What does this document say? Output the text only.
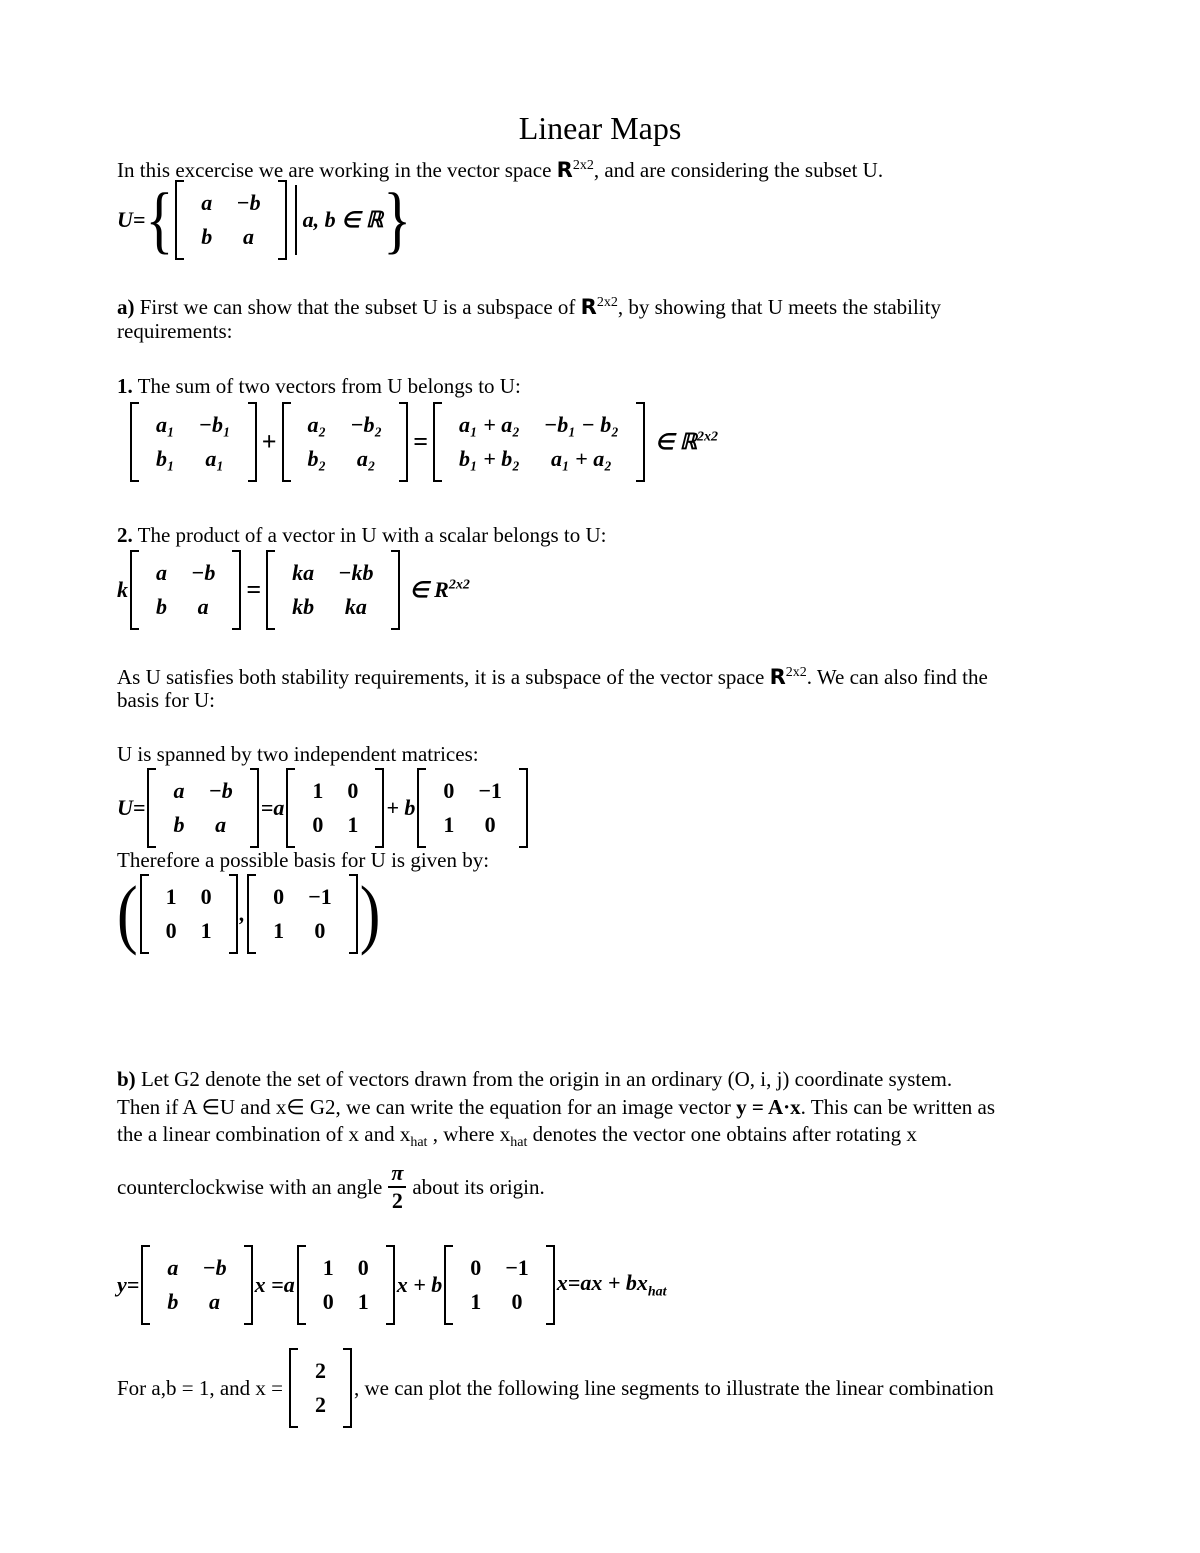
Linear Maps
In this excercise we are working in the vector space $R^{2x2}$, and are considering the subset U.
U= { a	−b
b	a
a, b ∈ ℝ }
a) First we can show that the subset U is a subspace of $R^{2x2}$, by showing that U meets the stability
requirements:
1. The sum of two vectors from U belongs to U:
a₁	−b₁
b₁	a₁
+
a₂	−b₂
b₂	a₂
=
a₁ + a₂	−b₁ − b₂
b₁ + b₂	a₁ + a₂
∈ ℝ$^{2x2}$
2. The product of a vector in U with a scalar belongs to U:
k
a	−b
b	a
=
ka	−kb
kb	ka
∈ $R^{2x2}$
As U satisfies both stability requirements, it is a subspace of the vector space $R^{2x2}$. We can also find the
basis for U:
U is spanned by two independent matrices:
U=
a	−b
b	a
=a
1	0
0	1
+ b
0	−1
1	0
Therefore a possible basis for U is given by:
( 1	0
0	1
,
0	−1
1	0 )
b) Let G2 denote the set of vectors drawn from the origin in an ordinary (O, i, j) coordinate system.
Then if A ∈U and x∈ G2, we can write the equation for an image vector y = A·x. This can be written as
the a linear combination of x and $x_{hat}$ , where $x_{hat}$ denotes the vector one obtains after rotating x
counterclockwise with an angle $\frac{\pi}{2}$ about its origin.
y=
a	−b
b	a
x =a
1	0
0	1
x + b
0	−1
1	0
$x=ax + bx_{hat}$
For a,b = 1, and x =
2
2
, we can plot the following line segments to illustrate the linear combination
